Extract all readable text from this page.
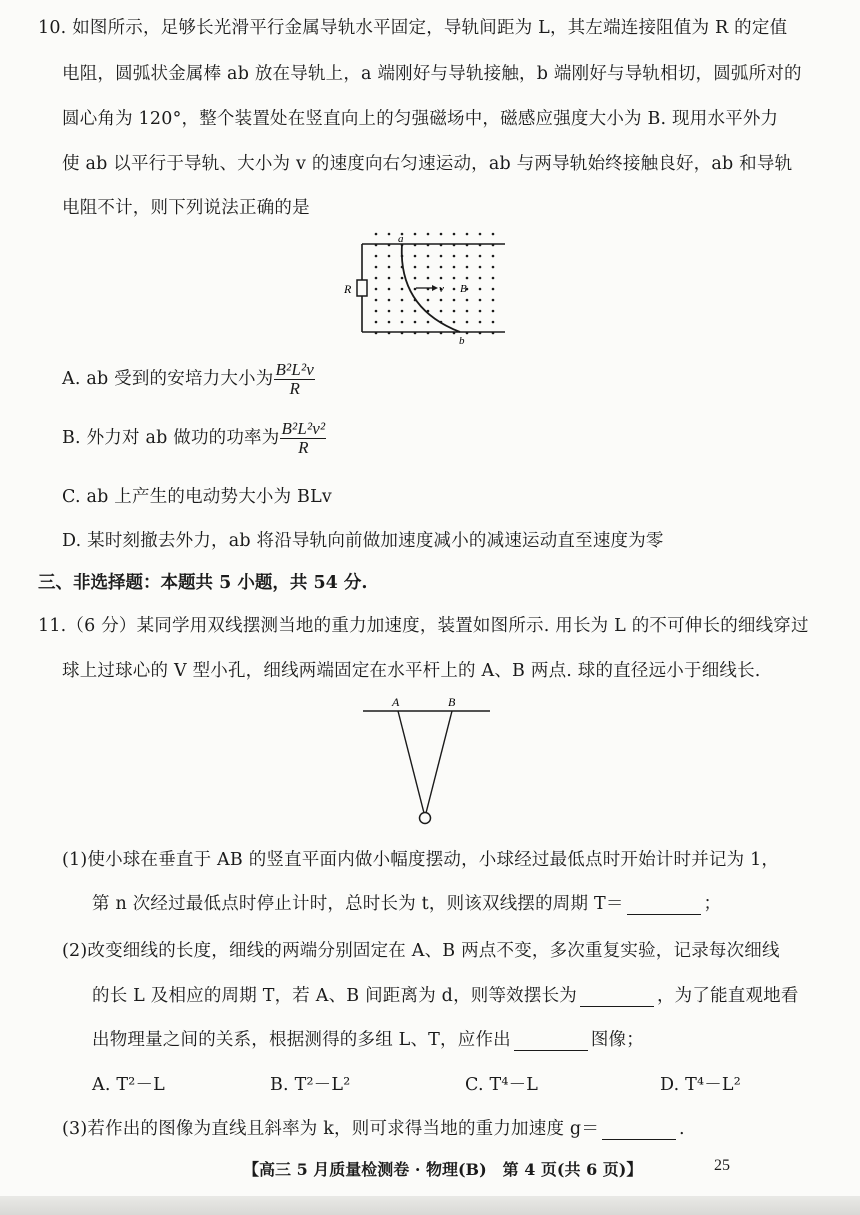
10. 如图所示，足够长光滑平行金属导轨水平固定，导轨间距为 L，其左端连接阻值为 R 的定值
电阻，圆弧状金属棒 ab 放在导轨上，a 端刚好与导轨接触，b 端刚好与导轨相切，圆弧所对的
圆心角为 120°，整个装置处在竖直向上的匀强磁场中，磁感应强度大小为 B. 现用水平外力
使 ab 以平行于导轨、大小为 v 的速度向右匀速运动，ab 与两导轨始终接触良好，ab 和导轨
电阻不计，则下列说法正确的是
R
a
b
v B
A. ab 受到的安培力大小为 $\frac{\text{B²L²v}}{R}$
B. 外力对 ab 做功的功率为 $\frac{\text{B²L²v²}}{R}$
C. ab 上产生的电动势大小为 BLv
D. 某时刻撤去外力，ab 将沿导轨向前做加速度减小的减速运动直至速度为零
三、非选择题：本题共 5 小题，共 54 分.
11.（6 分）某同学用双线摆测当地的重力加速度，装置如图所示. 用长为 L 的不可伸长的细线穿过
球上过球心的 V 型小孔，细线两端固定在水平杆上的 A、B 两点. 球的直径远小于细线长.
A	B
(1)使小球在垂直于 AB 的竖直平面内做小幅度摆动，小球经过最低点时开始计时并记为 1，
第 n 次经过最低点时停止计时，总时长为 t，则该双线摆的周期 T＝	；
(2)改变细线的长度，细线的两端分别固定在 A、B 两点不变，多次重复实验，记录每次细线
的长 L 及相应的周期 T，若 A、B 间距离为 d，则等效摆长为	，为了能直观地看
出物理量之间的关系，根据测得的多组 L、T，应作出	图像；
A. T²－L	B. T²－L²	C. T⁴－L	D. T⁴－L²
(3)若作出的图像为直线且斜率为 k，则可求得当地的重力加速度 g＝	.
【高三 5 月质量检测卷 · 物理(B)　第 4 页(共 6 页)】	25
